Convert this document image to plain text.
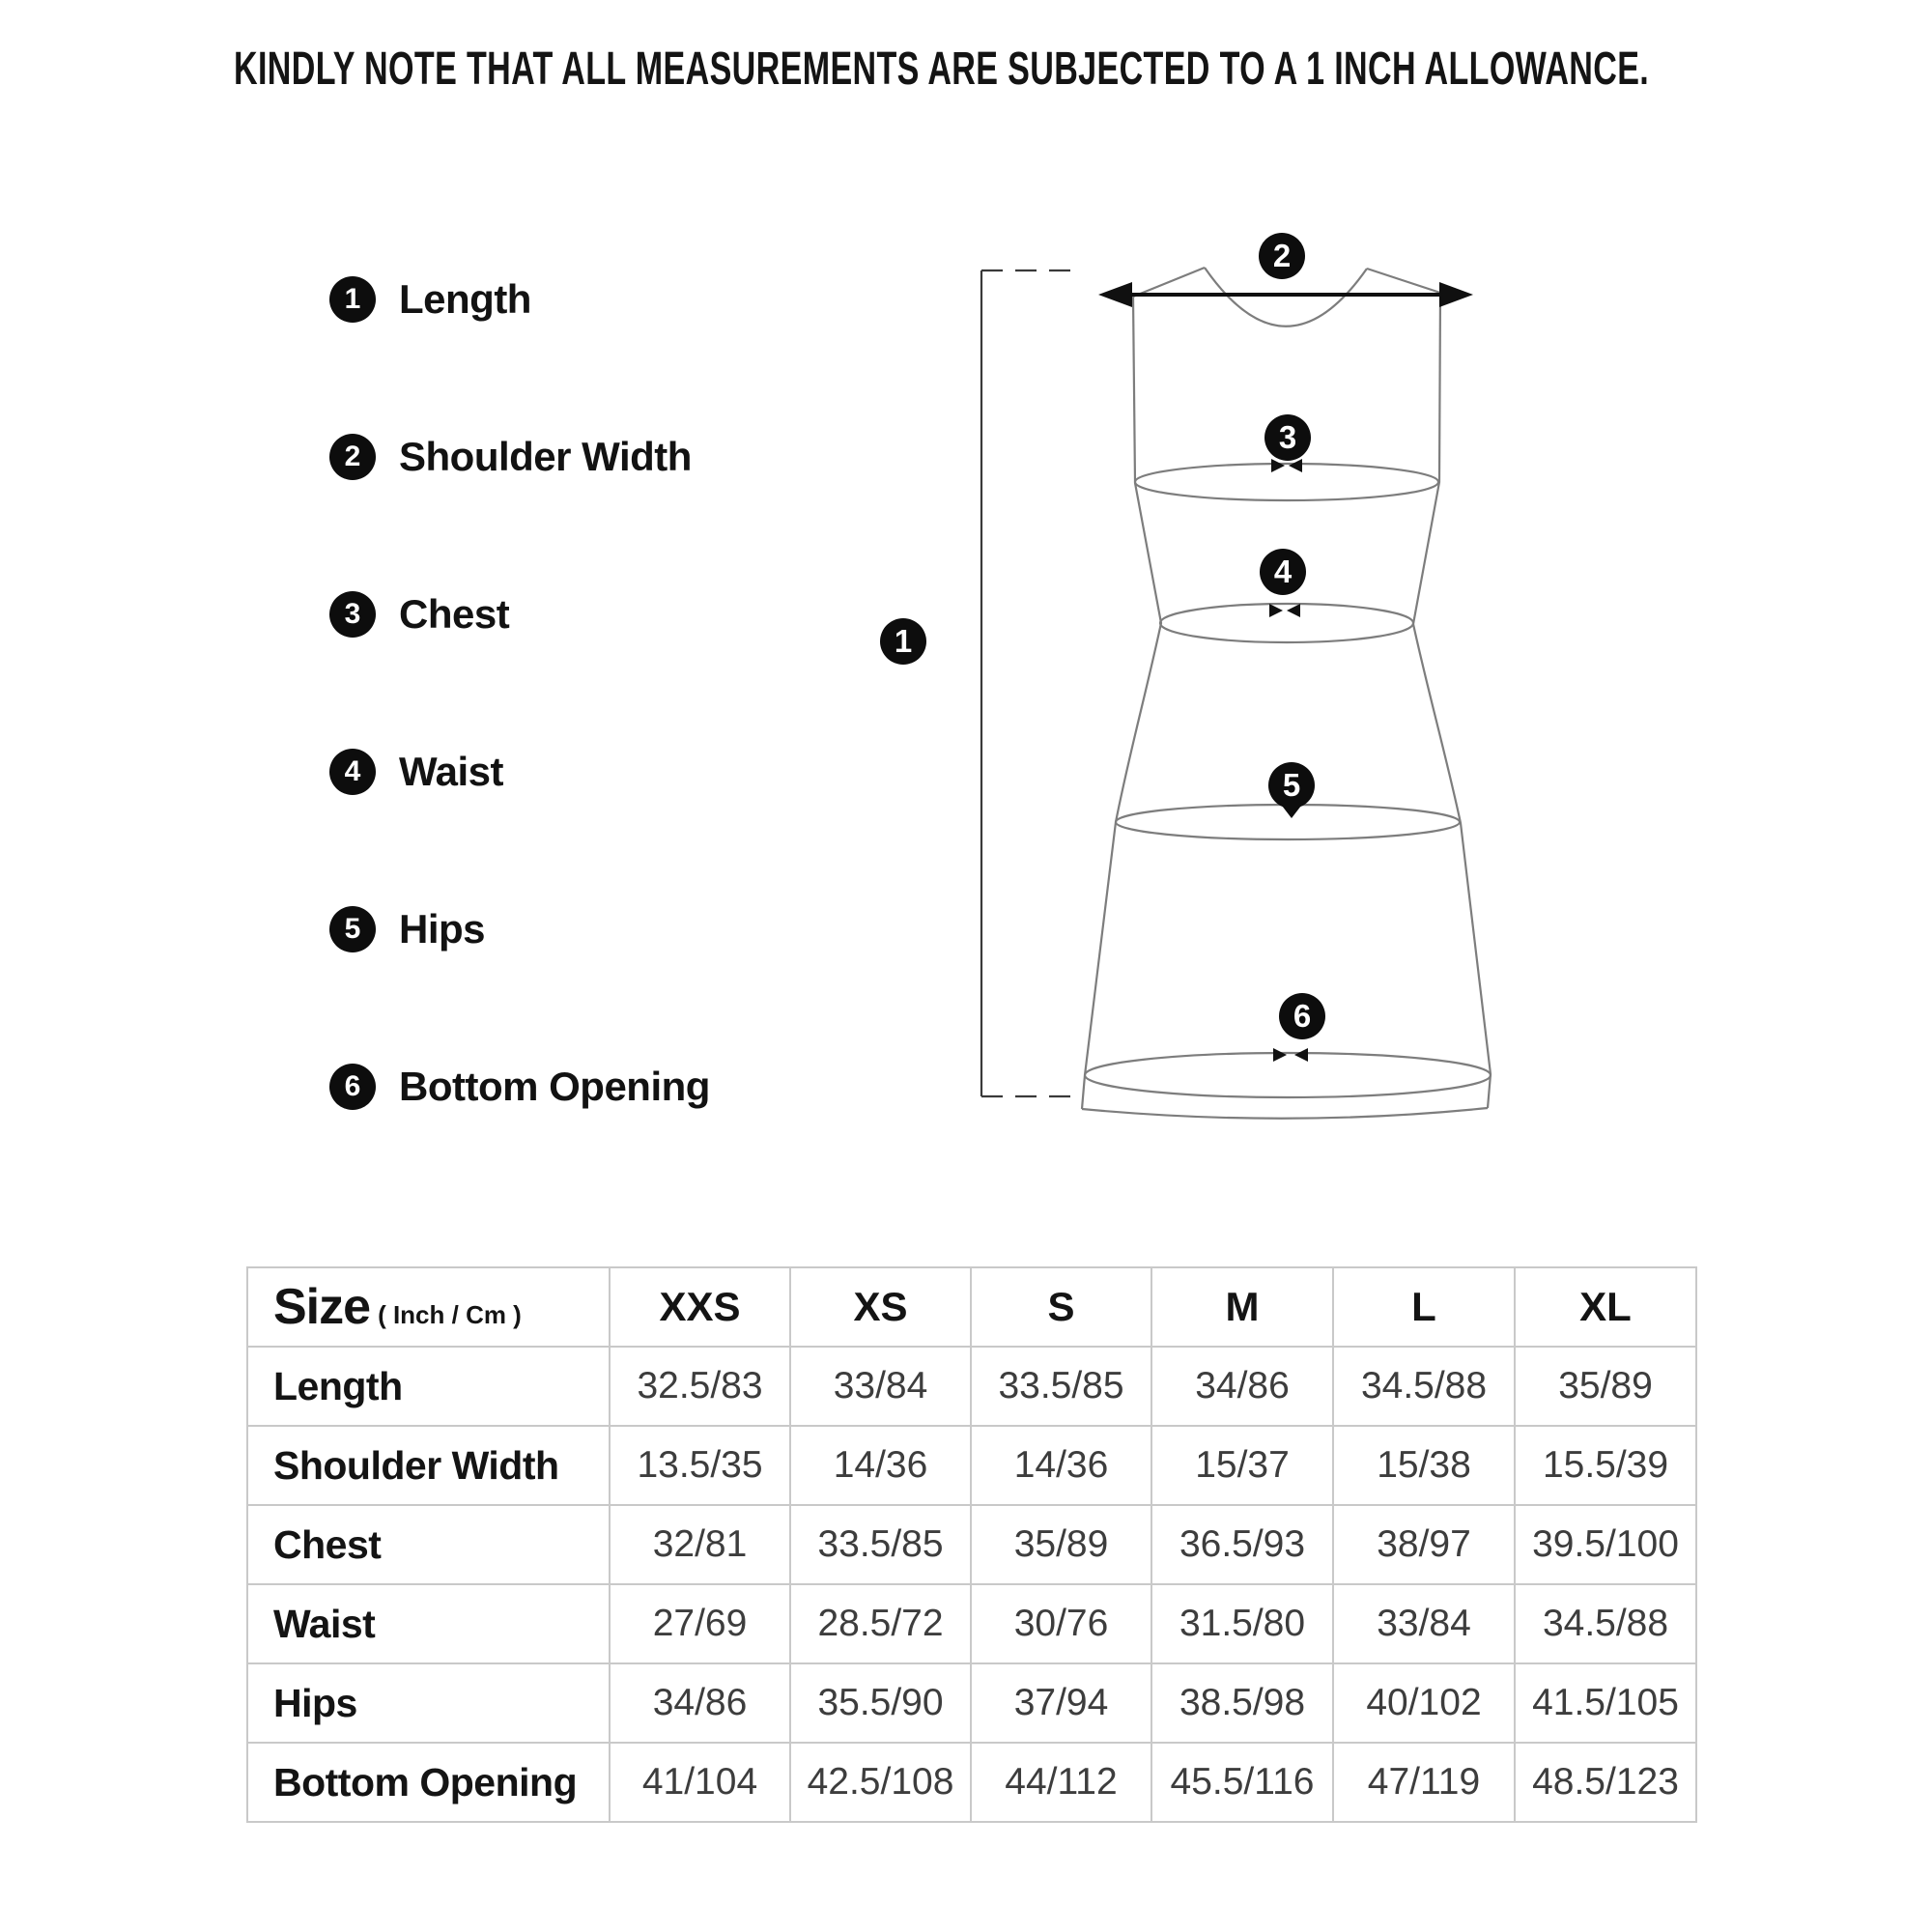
KINDLY NOTE THAT ALL MEASUREMENTS ARE SUBJECTED TO A 1 INCH ALLOWANCE.
1 Length
2 Shoulder Width
3 Chest
4 Waist
5 Hips
6 Bottom Opening
1
2
3
4
5
6
Size ( Inch / Cm )	XXS	XS	S	M	L	XL
Length	32.5/83	33/84	33.5/85	34/86	34.5/88	35/89
Shoulder Width	13.5/35	14/36	14/36	15/37	15/38	15.5/39
Chest	32/81	33.5/85	35/89	36.5/93	38/97	39.5/100
Waist	27/69	28.5/72	30/76	31.5/80	33/84	34.5/88
Hips	34/86	35.5/90	37/94	38.5/98	40/102	41.5/105
Bottom Opening	41/104	42.5/108	44/112	45.5/116	47/119	48.5/123
